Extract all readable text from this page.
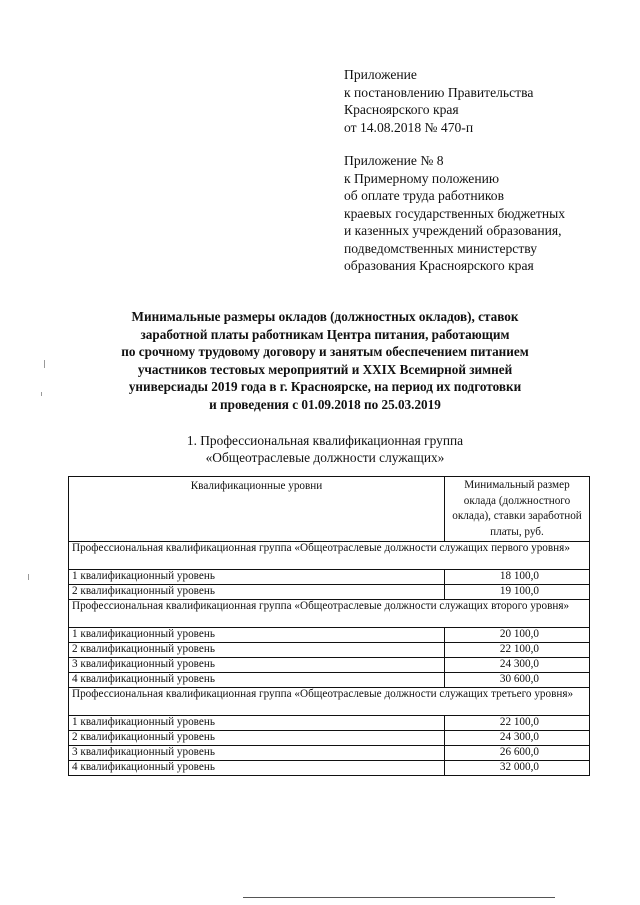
Приложение
к постановлению Правительства
Красноярского края
от 14.08.2018 № 470-п
Приложение № 8
к Примерному положению
об оплате труда работников
краевых государственных бюджетных
и казенных учреждений образования,
подведомственных министерству
образования Красноярского края
Минимальные размеры окладов (должностных окладов), ставок
заработной платы работникам Центра питания, работающим
по срочному трудовому договору и занятым обеспечением питанием
участников тестовых мероприятий и XXIX Всемирной зимней
универсиады 2019 года в г. Красноярске, на период их подготовки
и проведения с 01.09.2018 по 25.03.2019
1. Профессиональная квалификационная группа
«Общеотраслевые должности служащих»
Квалификационные уровни	Минимальный размер оклада (должностного оклада), ставки заработной платы, руб.
Профессиональная квалификационная группа «Общеотраслевые должности служащих первого уровня»	
1 квалификационный уровень	18 100,0
2 квалификационный уровень	19 100,0
Профессиональная квалификационная группа «Общеотраслевые должности служащих второго уровня»	
1 квалификационный уровень	20 100,0
2 квалификационный уровень	22 100,0
3 квалификационный уровень	24 300,0
4 квалификационный уровень	30 600,0
Профессиональная квалификационная группа «Общеотраслевые должности служащих третьего уровня»	
1 квалификационный уровень	22 100,0
2 квалификационный уровень	24 300,0
3 квалификационный уровень	26 600,0
4 квалификационный уровень	32 000,0
